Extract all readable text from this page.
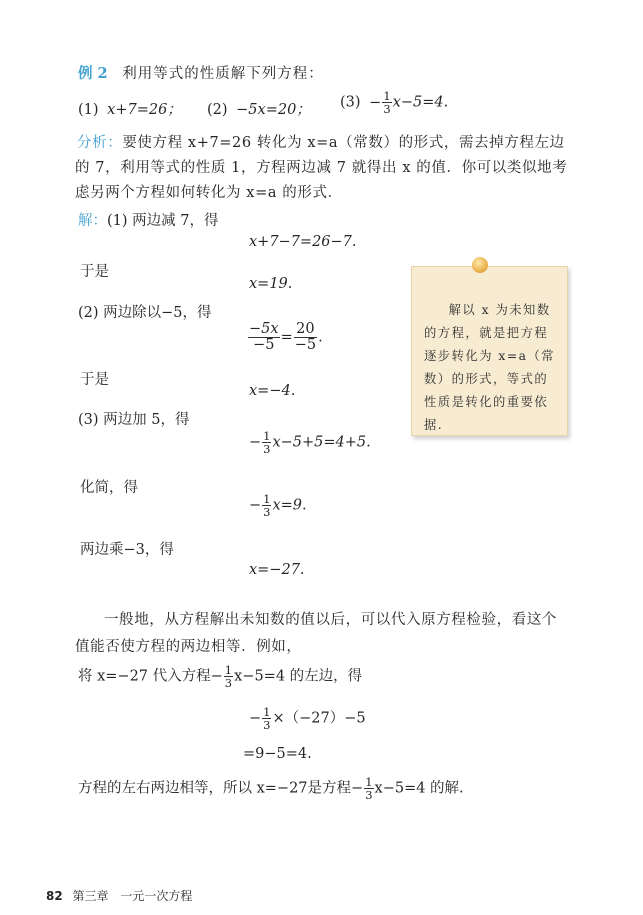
例 2 利用等式的性质解下列方程：
(1) x+7=26； (2) −5x=20； $(3) - \frac{1}{3} x-5=4$.
分析：要使方程 x+7=26 转化为 x=a（常数）的形式，需去掉方程左边的 7，利用等式的性质 1，方程两边减 7 就得出 x 的值．你可以类似地考虑另两个方程如何转化为 x=a 的形式．
解：(1) 两边减 7，得
x+7−7=26−7.
于是
x=19.
(2) 两边除以−5，得
$\frac{-5x}{-5} = \frac{20}{-5}$ .
于是
x=−4.
(3) 两边加 5，得
− $\frac{1}{3} x-5+5=4+5$.
化简，得
− $\frac{1}{3} x=9$.
两边乘−3，得
x=−27.
解以 x 为未知数的方程，就是把方程逐步转化为 x=a（常数）的形式，等式的性质是转化的重要依据.
一般地，从方程解出未知数的值以后，可以代入原方程检验，看这个值能否使方程的两边相等．例如，
将 x=−27 代入方程− $\frac{1}{3} x-5=4$ 的左边，得
− $\frac{1}{3} \times(-27)-5$
=9−5=4.
方程的左右两边相等，所以 x=−27是方程− $\frac{1}{3} x-5=4$ 的解.
82 第三章 一元一次方程
